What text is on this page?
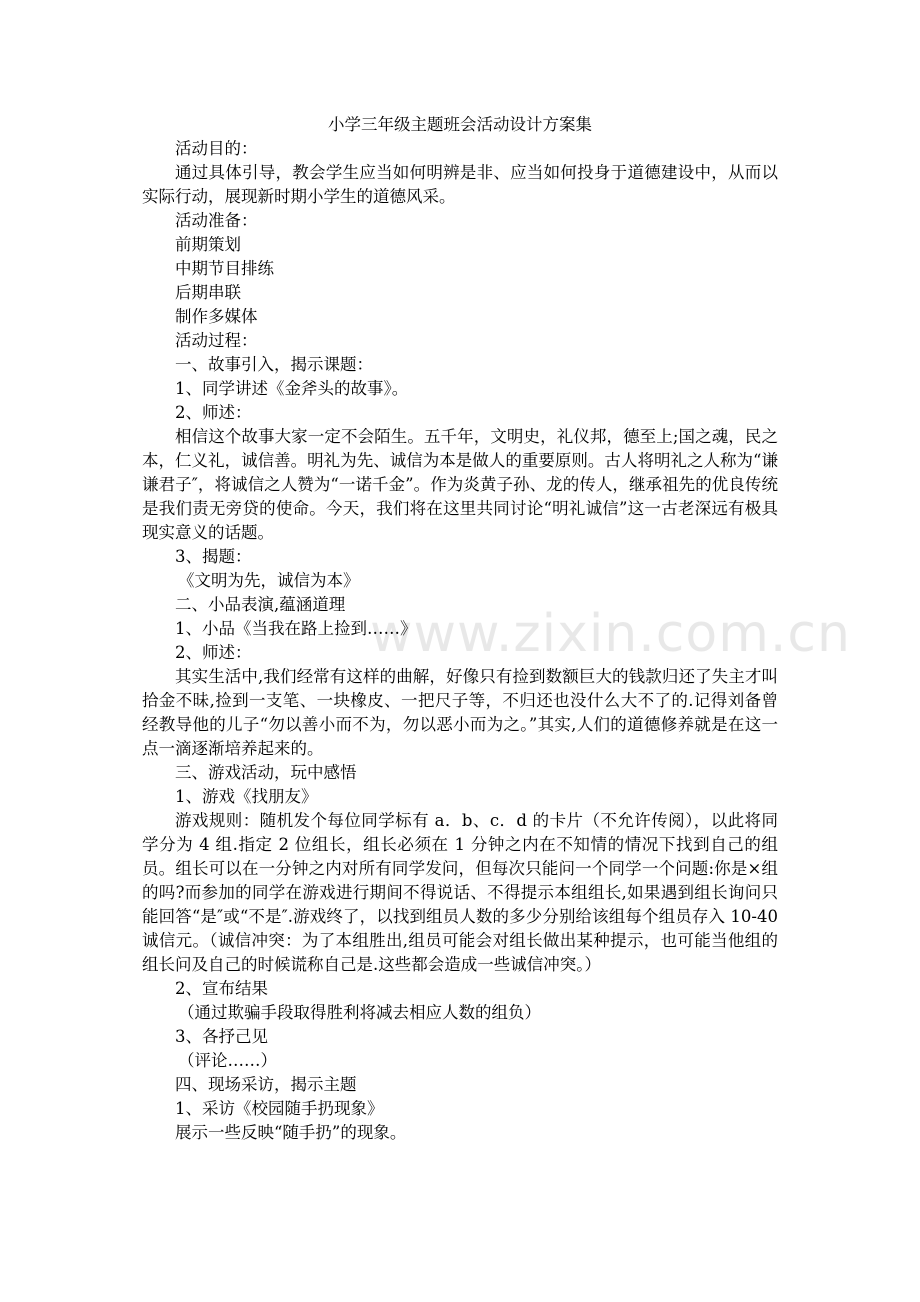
www.zixin.com.cn
小学三年级主题班会活动设计方案集

活动目的：

通过具体引导，教会学生应当如何明辨是非、应当如何投身于道德建设中，从而以实际行动，展现新时期小学生的道德风采。

活动准备：

前期策划

中期节目排练

后期串联

制作多媒体

活动过程：

一、故事引入，揭示课题：

1、同学讲述《金斧头的故事》。

2、师述：

相信这个故事大家一定不会陌生。五千年，文明史，礼仪邦，德至上;国之魂，民之本，仁义礼，诚信善。明礼为先、诚信为本是做人的重要原则。古人将明礼之人称为“谦谦君子″，将诚信之人赞为“一诺千金”。作为炎黄子孙、龙的传人，继承祖先的优良传统是我们责无旁贷的使命。今天，我们将在这里共同讨论“明礼诚信”这一古老深远有极具现实意义的话题。

3、揭题：

《文明为先，诚信为本》

二、小品表演,蕴涵道理

1、小品《当我在路上捡到……》

2、师述：

其实生活中,我们经常有这样的曲解，好像只有捡到数额巨大的钱款归还了失主才叫拾金不昧,捡到一支笔、一块橡皮、一把尺子等，不归还也没什么大不了的.记得刘备曾经教导他的儿子“勿以善小而不为，勿以恶小而为之。”其实,人们的道德修养就是在这一点一滴逐渐培养起来的。

三、游戏活动，玩中感悟

1、游戏《找朋友》

游戏规则：随机发个每位同学标有 a．b、c．d 的卡片（不允许传阅），以此将同学分为 4 组.指定 2 位组长，组长必须在 1 分钟之内在不知情的情况下找到自己的组员。组长可以在一分钟之内对所有同学发问，但每次只能问一个同学一个问题:你是×组的吗?而参加的同学在游戏进行期间不得说话、不得提示本组组长,如果遇到组长询问只能回答“是″或“不是″.游戏终了，以找到组员人数的多少分别给该组每个组员存入 10-40 诚信元。（诚信冲突：为了本组胜出,组员可能会对组长做出某种提示，也可能当他组的组长问及自己的时候谎称自己是.这些都会造成一些诚信冲突。）

2、宣布结果

（通过欺骗手段取得胜利将减去相应人数的组负）

3、各抒己见

（评论……）

四、现场采访，揭示主题

1、采访《校园随手扔现象》

展示一些反映“随手扔”的现象。
